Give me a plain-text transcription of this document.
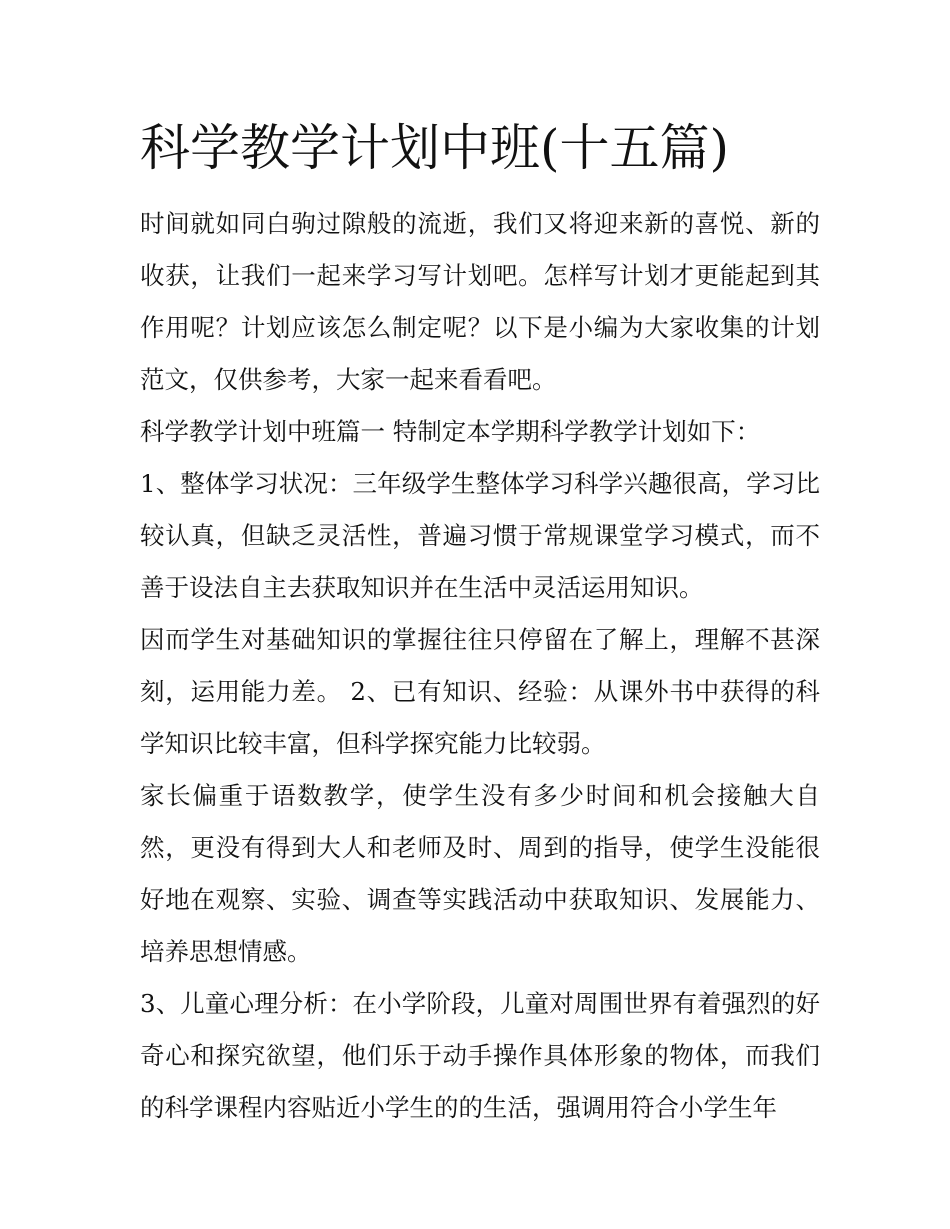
科学教学计划中班(十五篇)

时间就如同白驹过隙般的流逝，我们又将迎来新的喜悦、新的收获，让我们一起来学习写计划吧。怎样写计划才更能起到其作用呢？计划应该怎么制定呢？以下是小编为大家收集的计划范文，仅供参考，大家一起来看看吧。

科学教学计划中班篇一 特制定本学期科学教学计划如下：

1、整体学习状况：三年级学生整体学习科学兴趣很高，学习比较认真，但缺乏灵活性，普遍习惯于常规课堂学习模式，而不善于设法自主去获取知识并在生活中灵活运用知识。

因而学生对基础知识的掌握往往只停留在了解上，理解不甚深刻，运用能力差。 2、已有知识、经验：从课外书中获得的科学知识比较丰富，但科学探究能力比较弱。

家长偏重于语数教学，使学生没有多少时间和机会接触大自然，更没有得到大人和老师及时、周到的指导，使学生没能很好地在观察、实验、调查等实践活动中获取知识、发展能力、培养思想情感。

3、儿童心理分析：在小学阶段，儿童对周围世界有着强烈的好奇心和探究欲望，他们乐于动手操作具体形象的物体，而我们的科学课程内容贴近小学生的的生活，强调用符合小学生年
